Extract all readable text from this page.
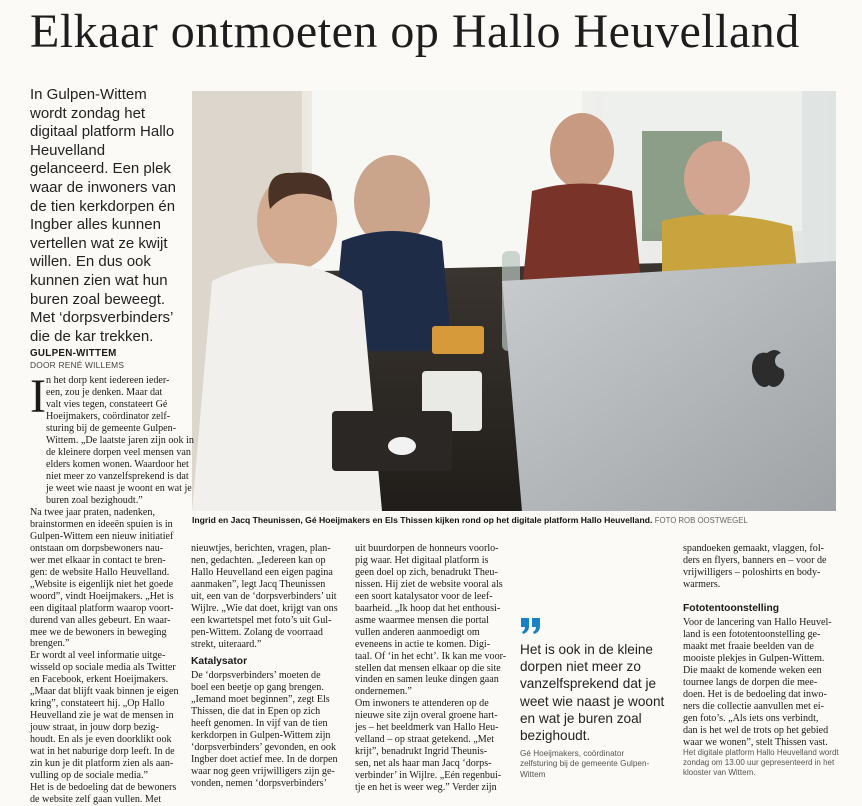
Elkaar ontmoeten op Hallo Heuvelland
In Gulpen-Wittem
wordt zondag het
digitaal platform Hallo
Heuvelland
gelanceerd. Een plek
waar de inwoners van
de tien kerkdorpen én
Ingber alles kunnen
vertellen wat ze kwijt
willen. En dus ook
kunnen zien wat hun
buren zoal beweegt.
Met ‘dorpsverbinders’
die de kar trekken.
Ingrid en Jacq Theunissen, Gé Hoeijmakers en Els Thissen kijken rond op het digitale platform Hallo Heuvelland. FOTO ROB OOSTWEGEL
GULPEN-WITTEM
DOOR RENÉ WILLEMS
I n het dorp kent iedereen ieder-
een, zou je denken. Maar dat
valt vies tegen, constateert Gé
Hoeijmakers, coördinator zelf-
sturing bij de gemeente Gulpen-
Wittem. „De laatste jaren zijn ook in
de kleinere dorpen veel mensen van
elders komen wonen. Waardoor het
niet meer zo vanzelfsprekend is dat
je weet wie naast je woont en wat je
buren zoal bezighoudt.”
Na twee jaar praten, nadenken,
brainstormen en ideeën spuien is in
Gulpen-Wittem een nieuw initiatief
ontstaan om dorpsbewoners nau-
wer met elkaar in contact te bren-
gen: de website Hallo Heuvelland.
„Website is eigenlijk niet het goede
woord”, vindt Hoeijmakers. „Het is
een digitaal platform waarop voort-
durend van alles gebeurt. En waar-
mee we de bewoners in beweging
brengen.”
Er wordt al veel informatie uitge-
wisseld op sociale media als Twitter
en Facebook, erkent Hoeijmakers.
„Maar dat blijft vaak binnen je eigen
kring”, constateert hij. „Op Hallo
Heuvelland zie je wat de mensen in
jouw straat, in jouw dorp bezig-
houdt. En als je even doorklikt ook
wat in het naburige dorp leeft. In de
zin kun je dit platform zien als aan-
vulling op de sociale media.”
Het is de bedoeling dat de bewoners
de website zelf gaan vullen. Met
nieuwtjes, berichten, vragen, plan-
nen, gedachten. „Iedereen kan op
Hallo Heuvelland een eigen pagina
aanmaken”, legt Jacq Theunissen
uit, een van de ‘dorpsverbinders’ uit
Wijlre. „Wie dat doet, krijgt van ons
een kwartetspel met foto’s uit Gul-
pen-Wittem. Zolang de voorraad
strekt, uiteraard.”
Katalysator
De ‘dorpsverbinders’ moeten de
boel een beetje op gang brengen.
„Iemand moet beginnen”, zegt Els
Thissen, die dat in Epen op zich
heeft genomen. In vijf van de tien
kerkdorpen in Gulpen-Wittem zijn
‘dorpsverbinders’ gevonden, en ook
Ingber doet actief mee. In de dorpen
waar nog geen vrijwilligers zijn ge-
vonden, nemen ‘dorpsverbinders’
uit buurdorpen de honneurs voorlo-
pig waar. Het digitaal platform is
geen doel op zich, benadrukt Theu-
nissen. Hij ziet de website vooral als
een soort katalysator voor de leef-
baarheid. „Ik hoop dat het enthousi-
asme waarmee mensen die portal
vullen anderen aanmoedigt om
eveneens in actie te komen. Digi-
taal. Of ‘in het echt’. Ik kan me voor-
stellen dat mensen elkaar op die site
vinden en samen leuke dingen gaan
ondernemen.”
Om inwoners te attenderen op de
nieuwe site zijn overal groene hart-
jes – het beeldmerk van Hallo Heu-
velland – op straat getekend. „Met
krijt”, benadrukt Ingrid Theunis-
sen, net als haar man Jacq ‘dorps-
verbinder’ in Wijlre. „Eén regenbui-
tje en het is weer weg.” Verder zijn
Het is ook in de kleine
dorpen niet meer zo
vanzelfsprekend dat je
weet wie naast je woont
en wat je buren zoal
bezighoudt.
Gé Hoeijmakers, coördinator
zelfsturing bij de gemeente Gulpen-
Wittem
spandoeken gemaakt, vlaggen, fol-
ders en flyers, banners en – voor de
vrijwilligers – poloshirts en body-
warmers.
Fototentoonstelling
Voor de lancering van Hallo Heuvel-
land is een fototentoonstelling ge-
maakt met fraaie beelden van de
mooiste plekjes in Gulpen-Wittem.
Die maakt de komende weken een
tournee langs de dorpen die mee-
doen. Het is de bedoeling dat inwo-
ners die collectie aanvullen met ei-
gen foto’s. „Als iets ons verbindt,
dan is het wel de trots op het gebied
waar we wonen”, stelt Thissen vast.
Het digitale platform Hallo Heuvelland wordt
zondag om 13.00 uur gepresenteerd in het
klooster van Wittem.
